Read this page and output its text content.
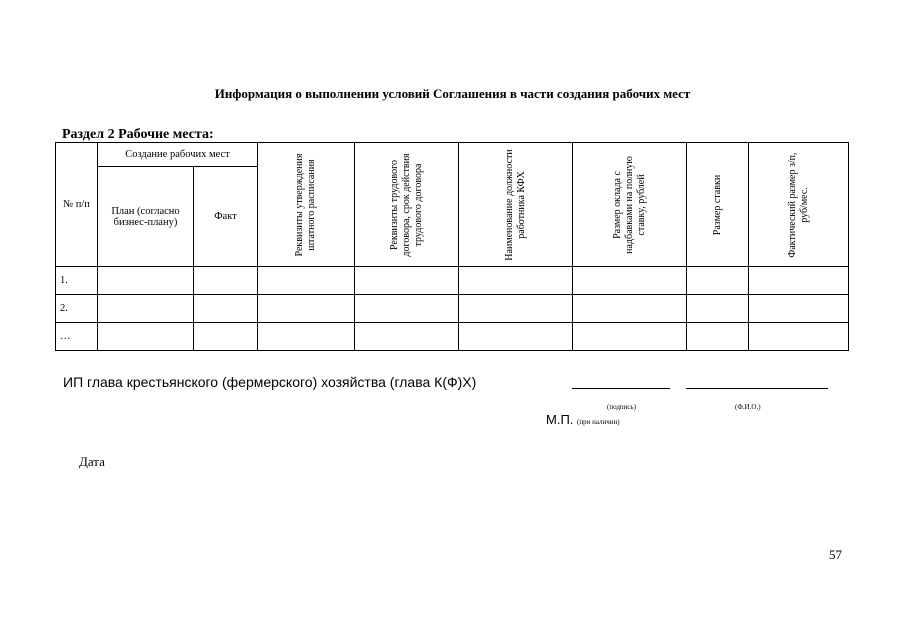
Информация о выполнении условий Соглашения в части создания рабочих мест
Раздел 2 Рабочие места:
№ п/п	Создание рабочих мест		Реквизиты утверждения штатного расписания	Реквизиты трудового договора, срок действия трудового договора	Наименование должности работника КФХ	Размер оклада с надбавками на полную ставку, рублей	Размер ставки	Фактический размер з/п, руб/мес.

	План (согласно бизнес-плану)	Факт						
1.								
2.								
…								
ИП глава крестьянского (фермерского) хозяйства (глава К(Ф)Х)
(подпись)	(Ф.И.О.)
М.П. (при наличии)
Дата
57
